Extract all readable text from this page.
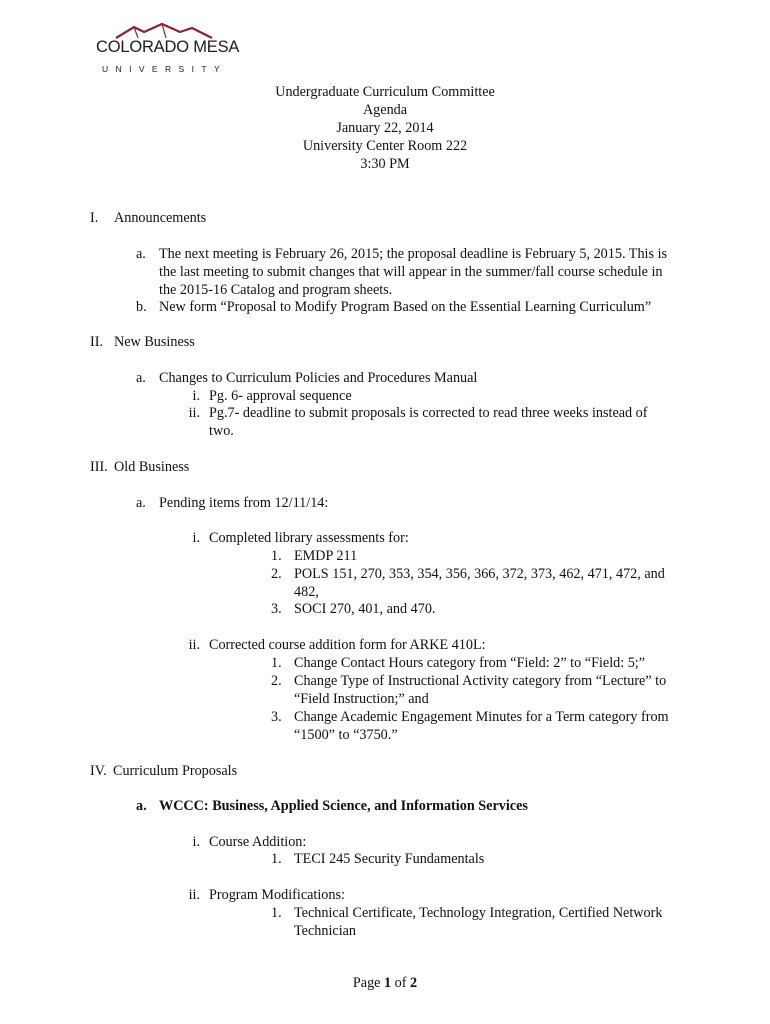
COLORADO MESA
UNIVERSITY
Undergraduate Curriculum Committee
Agenda
January 22, 2014
University Center Room 222
3:30 PM
I. Announcements
a. The next meeting is February 26, 2015; the proposal deadline is February 5, 2015. This is
the last meeting to submit changes that will appear in the summer/fall course schedule in
the 2015-16 Catalog and program sheets.
b. New form “Proposal to Modify Program Based on the Essential Learning Curriculum”
II. New Business
a. Changes to Curriculum Policies and Procedures Manual
i. Pg. 6- approval sequence
ii. Pg.7- deadline to submit proposals is corrected to read three weeks instead of
two.
III. Old Business
a. Pending items from 12/11/14:
i. Completed library assessments for:
1. EMDP 211
2. POLS 151, 270, 353, 354, 356, 366, 372, 373, 462, 471, 472, and
482,
3. SOCI 270, 401, and 470.
ii. Corrected course addition form for ARKE 410L:
1. Change Contact Hours category from “Field: 2” to “Field: 5;”
2. Change Type of Instructional Activity category from “Lecture” to
“Field Instruction;” and
3. Change Academic Engagement Minutes for a Term category from
“1500” to “3750.”
IV. Curriculum Proposals
a. WCCC: Business, Applied Science, and Information Services
i. Course Addition:
1. TECI 245 Security Fundamentals
ii. Program Modifications:
1. Technical Certificate, Technology Integration, Certified Network
Technician
Page 1 of 2
